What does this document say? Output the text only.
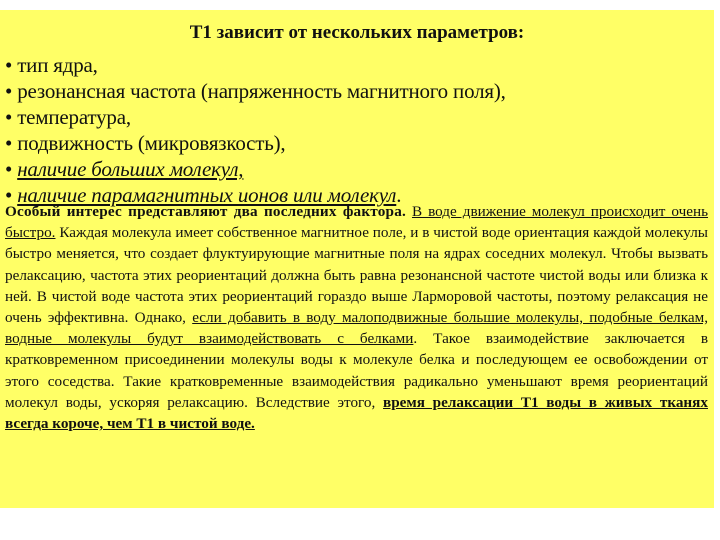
Т1 зависит от нескольких параметров:
• тип ядра,
• резонансная частота (напряженность магнитного поля),
• температура,
• подвижность (микровязкость),
• наличие больших молекул,
• наличие парамагнитных ионов или молекул.

Особый интерес представляют два последних фактора. В воде движение молекул происходит очень быстро. Каждая молекула имеет собственное магнитное поле, и в чистой воде ориентация каждой молекулы быстро меняется, что создает флуктуирующие магнитные поля на ядрах соседних молекул. Чтобы вызвать релаксацию, частота этих реориентаций должна быть равна резонансной частоте чистой воды или близка к ней. В чистой воде частота этих реориентаций гораздо выше Ларморовой частоты, поэтому релаксация не очень эффективна. Однако, если добавить в воду малоподвижные большие молекулы, подобные белкам, водные молекулы будут взаимодействовать с белками. Такое взаимодействие заключается в кратковременном присоединении молекулы воды к молекуле белка и последующем ее освобождении от этого соседства. Такие кратковременные взаимодействия радикально уменьшают время реориентаций молекул воды, ускоряя релаксацию. Вследствие этого, время релаксации Т1 воды в живых тканях всегда короче, чем Т1 в чистой воде.
